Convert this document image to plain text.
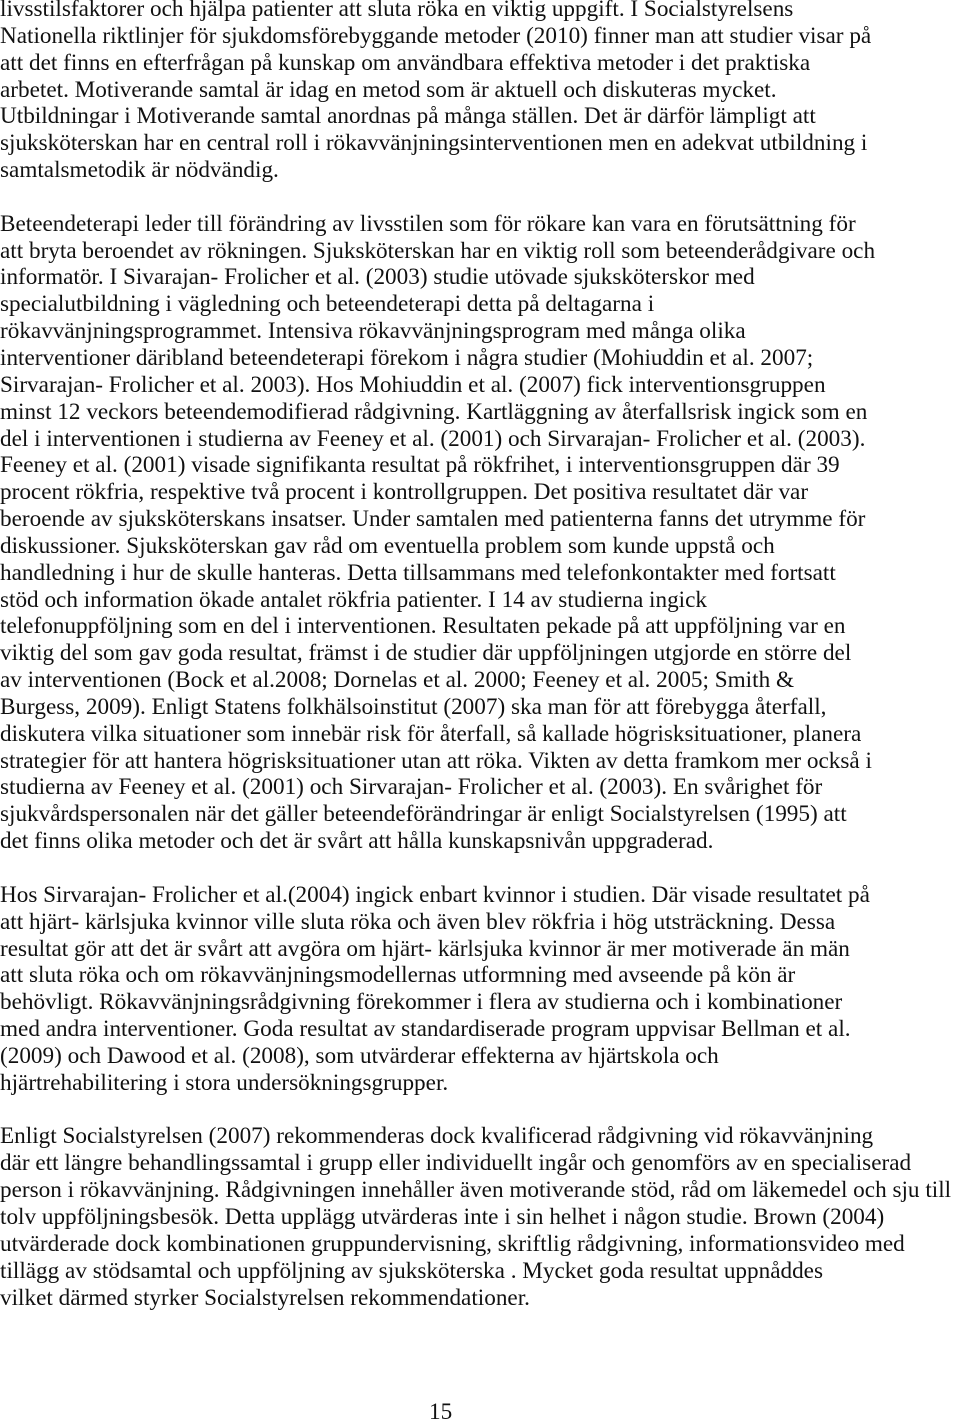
livsstilsfaktorer och hjälpa patienter att sluta röka en viktig uppgift. I Socialstyrelsens
Nationella riktlinjer för sjukdomsförebyggande metoder (2010) finner man att studier visar på
att det finns en efterfrågan på kunskap om användbara effektiva metoder i det praktiska
arbetet. Motiverande samtal är idag en metod som är aktuell och diskuteras mycket.
Utbildningar i Motiverande samtal anordnas på många ställen. Det är därför lämpligt att
sjuksköterskan har en central roll i rökavvänjningsinterventionen men en adekvat utbildning i
samtalsmetodik är nödvändig.
Beteendeterapi leder till förändring av livsstilen som för rökare kan vara en förutsättning för
att bryta beroendet av rökningen. Sjuksköterskan har en viktig roll som beteenderådgivare och
informatör. I Sivarajan- Frolicher et al. (2003) studie utövade sjuksköterskor med
specialutbildning i vägledning och beteendeterapi detta på deltagarna i
rökavvänjningsprogrammet. Intensiva rökavvänjningsprogram med många olika
interventioner däribland beteendeterapi förekom i några studier (Mohiuddin et al. 2007;
Sirvarajan- Frolicher et al. 2003). Hos Mohiuddin et al. (2007) fick interventionsgruppen
minst 12 veckors beteendemodifierad rådgivning. Kartläggning av återfallsrisk ingick som en
del i interventionen i studierna av Feeney et al. (2001) och Sirvarajan- Frolicher et al. (2003).
Feeney et al. (2001) visade signifikanta resultat på rökfrihet, i interventionsgruppen där 39
procent rökfria, respektive två procent i kontrollgruppen. Det positiva resultatet där var
beroende av sjuksköterskans insatser. Under samtalen med patienterna fanns det utrymme för
diskussioner. Sjuksköterskan gav råd om eventuella problem som kunde uppstå och
handledning i hur de skulle hanteras. Detta tillsammans med telefonkontakter med fortsatt
stöd och information ökade antalet rökfria patienter. I 14 av studierna ingick
telefonuppföljning som en del i interventionen. Resultaten pekade på att uppföljning var en
viktig del som gav goda resultat, främst i de studier där uppföljningen utgjorde en större del
av interventionen (Bock et al.2008; Dornelas et al. 2000; Feeney et al. 2005; Smith &
Burgess, 2009). Enligt Statens folkhälsoinstitut (2007) ska man för att förebygga återfall,
diskutera vilka situationer som innebär risk för återfall, så kallade högrisksituationer, planera
strategier för att hantera högrisksituationer utan att röka. Vikten av detta framkom mer också i
studierna av Feeney et al. (2001) och Sirvarajan- Frolicher et al. (2003). En svårighet för
sjukvårdspersonalen när det gäller beteendeförändringar är enligt Socialstyrelsen (1995) att
det finns olika metoder och det är svårt att hålla kunskapsnivån uppgraderad.
Hos Sirvarajan- Frolicher et al.(2004) ingick enbart kvinnor i studien. Där visade resultatet på
att hjärt- kärlsjuka kvinnor ville sluta röka och även blev rökfria i hög utsträckning. Dessa
resultat gör att det är svårt att avgöra om hjärt- kärlsjuka kvinnor är mer motiverade än män
att sluta röka och om rökavvänjningsmodellernas utformning med avseende på kön är
behövligt. Rökavvänjningsrådgivning förekommer i flera av studierna och i kombinationer
med andra interventioner. Goda resultat av standardiserade program uppvisar Bellman et al.
(2009) och Dawood et al. (2008), som utvärderar effekterna av hjärtskola och
hjärtrehabilitering i stora undersökningsgrupper.
Enligt Socialstyrelsen (2007) rekommenderas dock kvalificerad rådgivning vid rökavvänjning
där ett längre behandlingssamtal i grupp eller individuellt ingår och genomförs av en specialiserad
person i rökavvänjning. Rådgivningen innehåller även motiverande stöd, råd om läkemedel och sju till
tolv uppföljningsbesök. Detta upplägg utvärderas inte i sin helhet i någon studie. Brown (2004)
utvärderade dock kombinationen gruppundervisning, skriftlig rådgivning, informationsvideo med
tillägg av stödsamtal och uppföljning av sjuksköterska . Mycket goda resultat uppnåddes
vilket därmed styrker Socialstyrelsen rekommendationer.
15
